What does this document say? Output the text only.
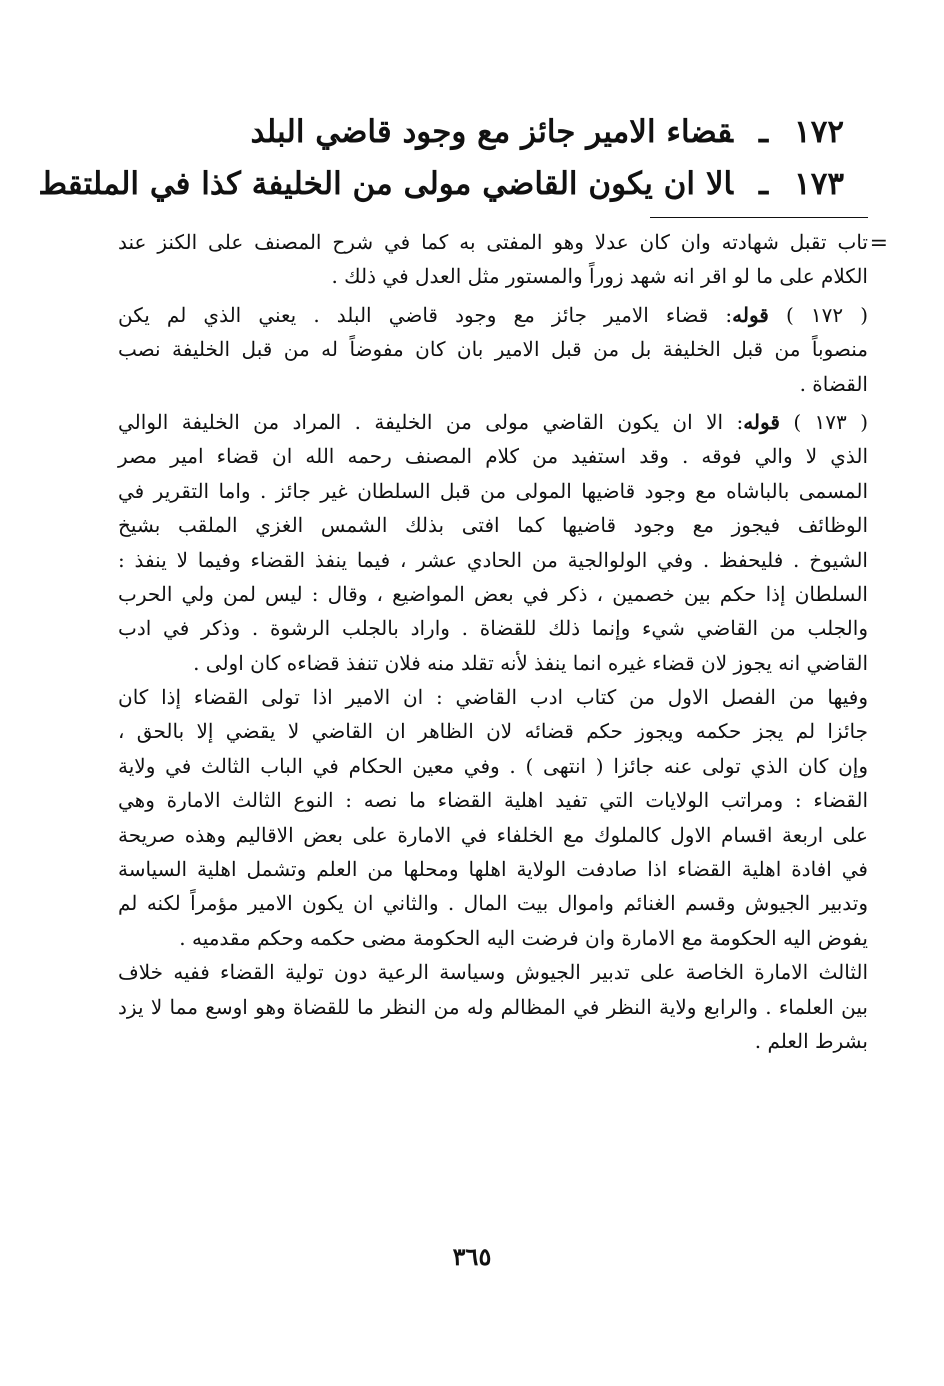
١٧٢ـقضاء الامير جائز مع وجود قاضي البلد
١٧٣ـالا ان يكون القاضي مولى من الخليفة كذا في الملتقط
=
تاب تقبل شهادته وان كان عدلا وهو المفتى به كما في شرح المصنف على الكنز عند
الكلام على ما لو اقر انه شهد زوراً والمستور مثل العدل في ذلك .
( ١٧٢ ) قوله: قضاء الامير جائز مع وجود قاضي البلد . يعني الذي لم يكن
منصوباً من قبل الخليفة بل من قبل الامير بان كان مفوضاً له من قبل الخليفة نصب
القضاة .
( ١٧٣ ) قوله: الا ان يكون القاضي مولى من الخليفة . المراد من الخليفة الوالي
الذي لا والي فوقه . وقد استفيد من كلام المصنف رحمه الله ان قضاء امير مصر
المسمى بالباشاه مع وجود قاضيها المولى من قبل السلطان غير جائز . واما التقرير في
الوظائف فيجوز مع وجود قاضيها كما افتى بذلك الشمس الغزي الملقب بشيخ
الشيوخ . فليحفظ . وفي الولوالجية من الحادي عشر ، فيما ينفذ القضاء وفيما لا ينفذ :
السلطان إذا حكم بين خصمين ، ذكر في بعض المواضيع ، وقال : ليس لمن ولي الحرب
والجلب من القاضي شيء وإنما ذلك للقضاة . واراد بالجلب الرشوة . وذكر في ادب
القاضي انه يجوز لان قضاء غيره انما ينفذ لأنه تقلد منه فلان تنفذ قضاءه كان اولى .
وفيها من الفصل الاول من كتاب ادب القاضي : ان الامير اذا تولى القضاء إذا كان
جائزا لم يجز حكمه ويجوز حكم قضائه لان الظاهر ان القاضي لا يقضي إلا بالحق ،
وإن كان الذي تولى عنه جائزا ( انتهى ) . وفي معين الحكام في الباب الثالث في ولاية
القضاء : ومراتب الولايات التي تفيد اهلية القضاء ما نصه : النوع الثالث الامارة وهي
على اربعة اقسام الاول كالملوك مع الخلفاء في الامارة على بعض الاقاليم وهذه صريحة
في افادة اهلية القضاء اذا صادفت الولاية اهلها ومحلها من العلم وتشمل اهلية السياسة
وتدبير الجيوش وقسم الغنائم واموال بيت المال . والثاني ان يكون الامير مؤمراً لكنه لم
يفوض اليه الحكومة مع الامارة وان فرضت اليه الحكومة مضى حكمه وحكم مقدميه .
الثالث الامارة الخاصة على تدبير الجيوش وسياسة الرعية دون تولية القضاء ففيه خلاف
بين العلماء . والرابع ولاية النظر في المظالم وله من النظر ما للقضاة وهو اوسع مما لا يزد
بشرط العلم .
٣٦٥
